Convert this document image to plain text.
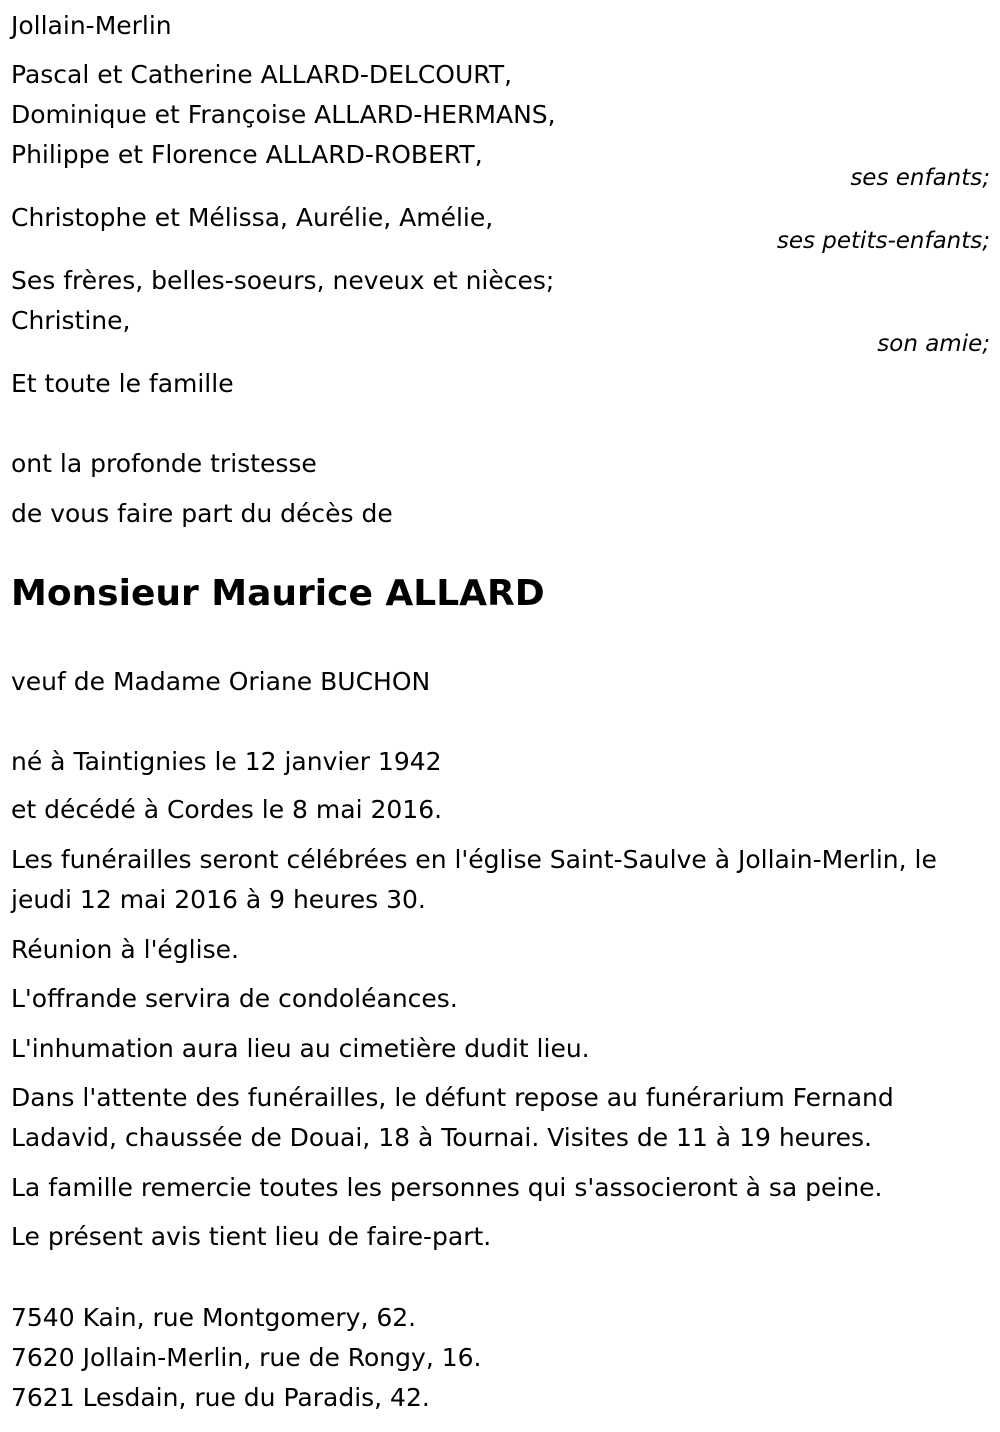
Jollain-Merlin
Pascal et Catherine ALLARD-DELCOURT,
Dominique et Françoise ALLARD-HERMANS,
Philippe et Florence ALLARD-ROBERT,
ses enfants;
Christophe et Mélissa, Aurélie, Amélie,
ses petits-enfants;
Ses frères, belles-soeurs, neveux et nièces;
Christine,
son amie;
Et toute le famille
ont la profonde tristesse
de vous faire part du décès de
Monsieur Maurice ALLARD
veuf de Madame Oriane BUCHON
né à Taintignies le 12 janvier 1942
et décédé à Cordes le 8 mai 2016.
Les funérailles seront célébrées en l'église Saint-Saulve à Jollain-Merlin, le
jeudi 12 mai 2016 à 9 heures 30.
Réunion à l'église.
L'offrande servira de condoléances.
L'inhumation aura lieu au cimetière dudit lieu.
Dans l'attente des funérailles, le défunt repose au funérarium Fernand
Ladavid, chaussée de Douai, 18 à Tournai. Visites de 11 à 19 heures.
La famille remercie toutes les personnes qui s'associeront à sa peine.
Le présent avis tient lieu de faire-part.
7540 Kain, rue Montgomery, 62.
7620 Jollain-Merlin, rue de Rongy, 16.
7621 Lesdain, rue du Paradis, 42.
